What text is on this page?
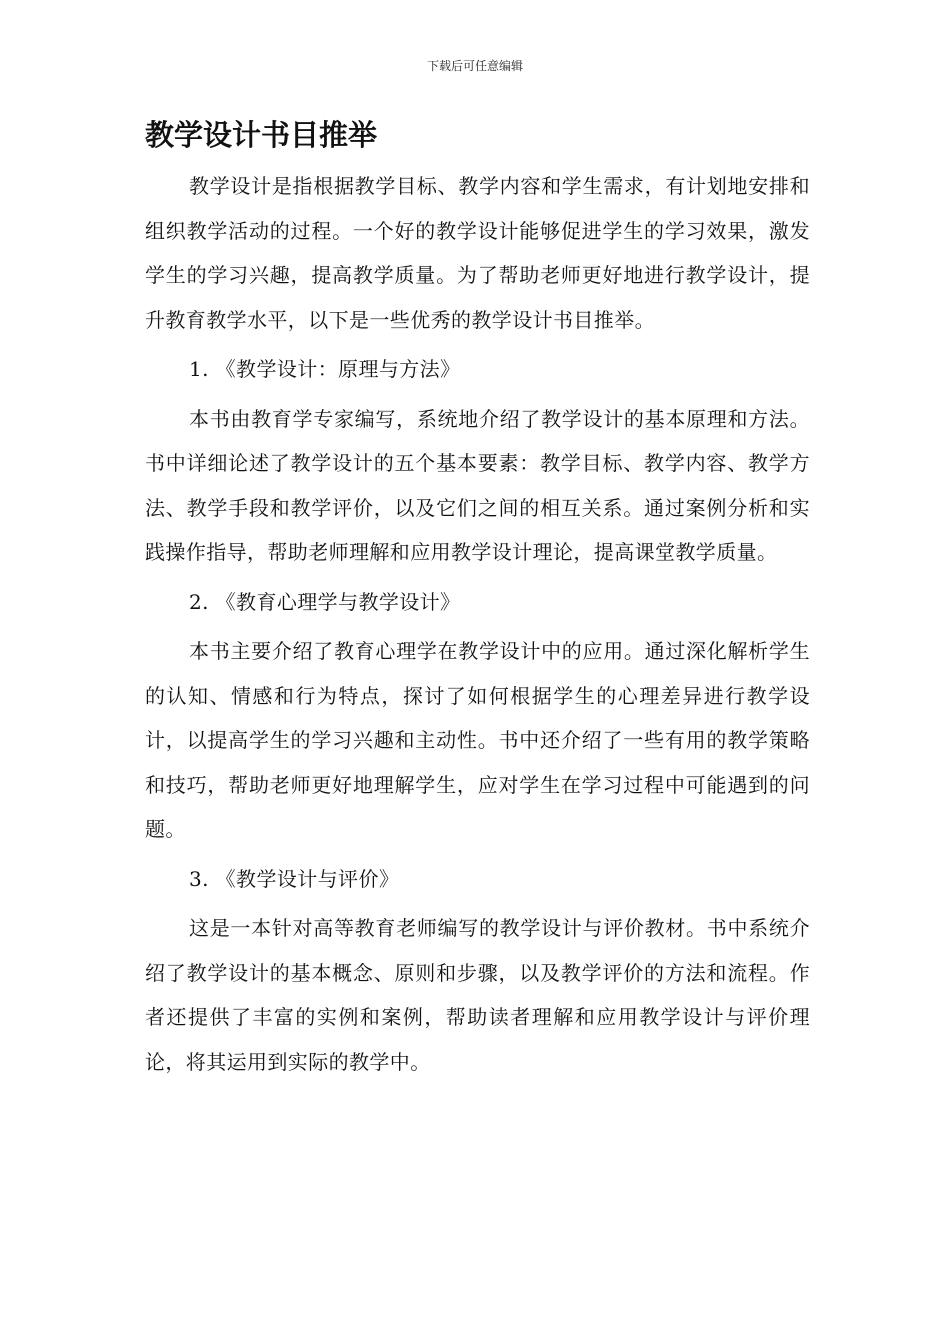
下载后可任意编辑
教学设计书目推举

教学设计是指根据教学目标、教学内容和学生需求，有计划地安排和组织教学活动的过程。一个好的教学设计能够促进学生的学习效果，激发学生的学习兴趣，提高教学质量。为了帮助老师更好地进行教学设计，提升教育教学水平，以下是一些优秀的教学设计书目推举。

1. 《教学设计：原理与方法》

本书由教育学专家编写，系统地介绍了教学设计的基本原理和方法。书中详细论述了教学设计的五个基本要素：教学目标、教学内容、教学方法、教学手段和教学评价，以及它们之间的相互关系。通过案例分析和实践操作指导，帮助老师理解和应用教学设计理论，提高课堂教学质量。

2. 《教育心理学与教学设计》

本书主要介绍了教育心理学在教学设计中的应用。通过深化解析学生的认知、情感和行为特点，探讨了如何根据学生的心理差异进行教学设计，以提高学生的学习兴趣和主动性。书中还介绍了一些有用的教学策略和技巧，帮助老师更好地理解学生，应对学生在学习过程中可能遇到的问题。

3. 《教学设计与评价》

这是一本针对高等教育老师编写的教学设计与评价教材。书中系统介绍了教学设计的基本概念、原则和步骤，以及教学评价的方法和流程。作者还提供了丰富的实例和案例，帮助读者理解和应用教学设计与评价理论，将其运用到实际的教学中。
